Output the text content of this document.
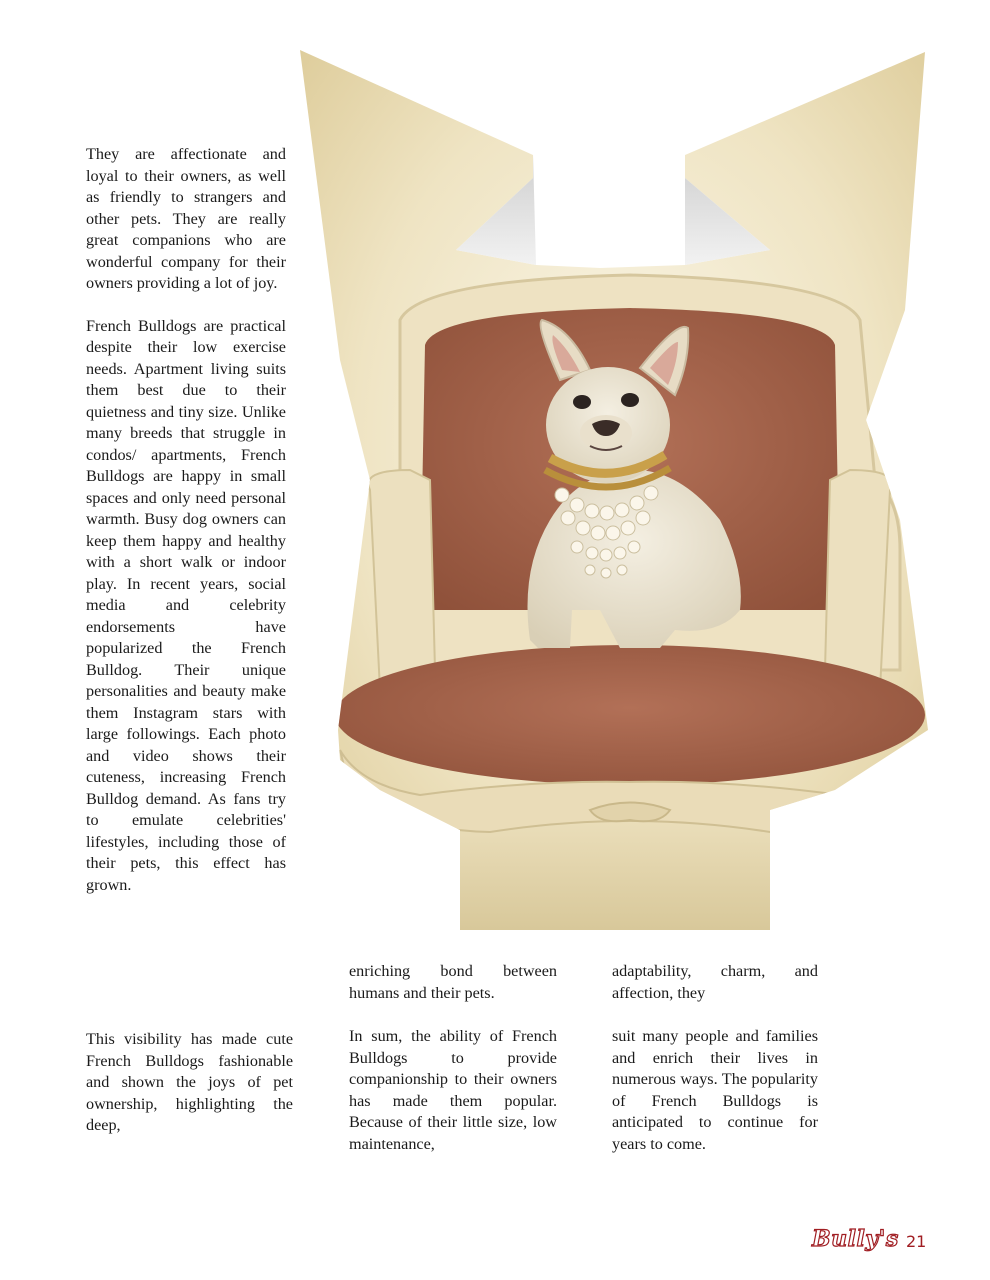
They are affectionate and loyal to their owners, as well as friendly to strangers and other pets. They are really great companions who are wonderful company for their owners providing a lot of joy.

French Bulldogs are practical despite their low exercise needs. Apartment living suits them best due to their quietness and tiny size. Unlike many breeds that struggle in condos/ apartments, French Bulldogs are happy in small spaces and only need personal warmth. Busy dog owners can keep them happy and healthy with a short walk or indoor play. In recent years, social media and celebrity endorsements have popularized the French Bulldog. Their unique personalities and beauty make them Instagram stars with large followings. Each photo and video shows their cuteness, increasing French Bulldog demand. As fans try to emulate celebrities' lifestyles, including those of their pets, this effect has grown.

This visibility has made cute French Bulldogs fashionable and shown the joys of pet ownership, highlighting the deep,

enriching bond between humans and their pets.

In sum, the ability of French Bulldogs to provide companionship to their owners has made them popular. Because of their little size, low maintenance,

adaptability, charm, and affection, they

suit many people and families and enrich their lives in numerous ways. The popularity of French Bulldogs is anticipated to continue for years to come.

Bully's 21
